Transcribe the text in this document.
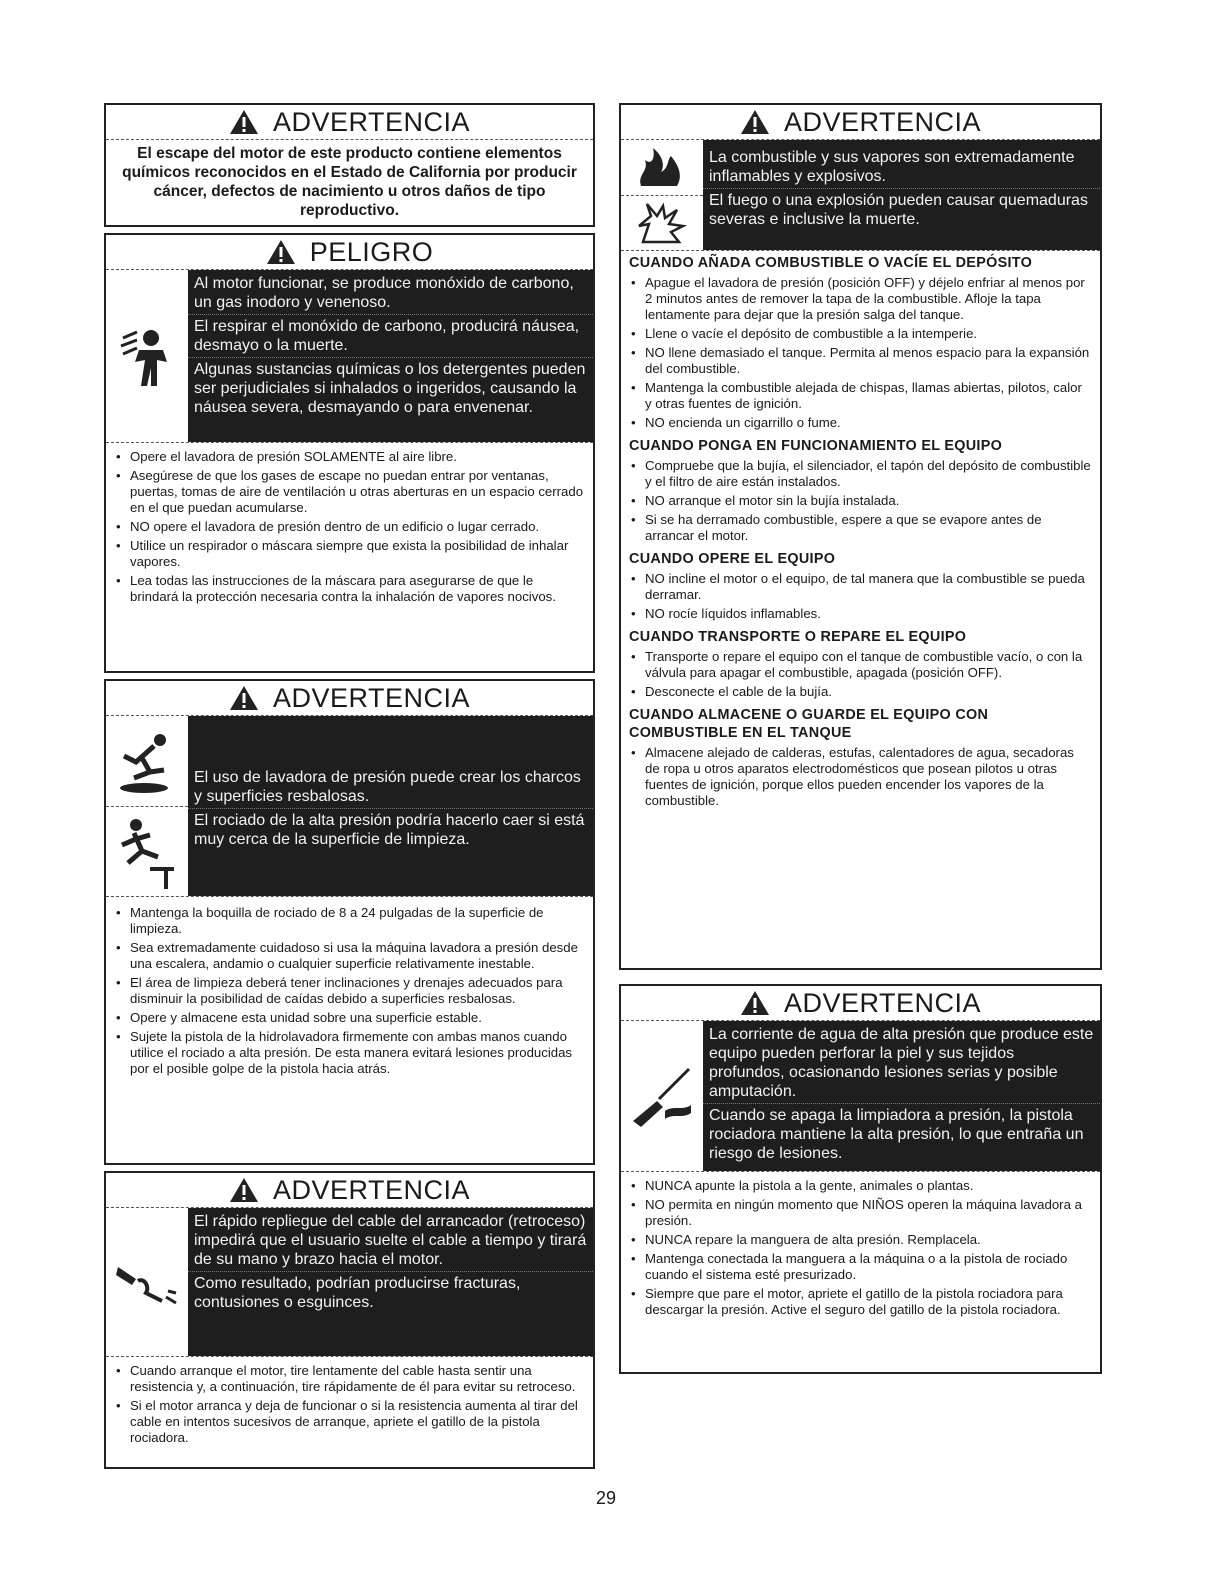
ADVERTENCIA
El escape del motor de este producto contiene elementos químicos reconocidos en el Estado de California por producir cáncer, defectos de nacimiento u otros daños de tipo reproductivo.
PELIGRO
Al motor funcionar, se produce monóxido de carbono, un gas inodoro y venenoso.
El respirar el monóxido de carbono, producirá náusea, desmayo o la muerte.
Algunas sustancias químicas o los detergentes pueden ser perjudiciales si inhalados o ingeridos, causando la náusea severa, desmayando o para envenenar.
• Opere el lavadora de presión SOLAMENTE al aire libre.
• Asegúrese de que los gases de escape no puedan entrar por ventanas, puertas, tomas de aire de ventilación u otras aberturas en un espacio cerrado en el que puedan acumularse.
• NO opere el lavadora de presión dentro de un edificio o lugar cerrado.
• Utilice un respirador o máscara siempre que exista la posibilidad de inhalar vapores.
• Lea todas las instrucciones de la máscara para asegurarse de que le brindará la protección necesaria contra la inhalación de vapores nocivos.
ADVERTENCIA
El uso de lavadora de presión puede crear los charcos y superficies resbalosas.
El rociado de la alta presión podría hacerlo caer si está muy cerca de la superficie de limpieza.
• Mantenga la boquilla de rociado de 8 a 24 pulgadas de la superficie de limpieza.
• Sea extremadamente cuidadoso si usa la máquina lavadora a presión desde una escalera, andamio o cualquier superficie relativamente inestable.
• El área de limpieza deberá tener inclinaciones y drenajes adecuados para disminuir la posibilidad de caídas debido a superficies resbalosas.
• Opere y almacene esta unidad sobre una superficie estable.
• Sujete la pistola de la hidrolavadora firmemente con ambas manos cuando utilice el rociado a alta presión. De esta manera evitará lesiones producidas por el posible golpe de la pistola hacia atrás.
ADVERTENCIA
El rápido repliegue del cable del arrancador (retroceso) impedirá que el usuario suelte el cable a tiempo y tirará de su mano y brazo hacia el motor.
Como resultado, podrían producirse fracturas, contusiones o esguinces.
• Cuando arranque el motor, tire lentamente del cable hasta sentir una resistencia y, a continuación, tire rápidamente de él para evitar su retroceso.
• Si el motor arranca y deja de funcionar o si la resistencia aumenta al tirar del cable en intentos sucesivos de arranque, apriete el gatillo de la pistola rociadora.
ADVERTENCIA
La combustible y sus vapores son extremadamente inflamables y explosivos.
El fuego o una explosión pueden causar quemaduras severas e inclusive la muerte.
CUANDO AÑADA COMBUSTIBLE O VACÍE EL DEPÓSITO
• Apague el lavadora de presión (posición OFF) y déjelo enfriar al menos por 2 minutos antes de remover la tapa de la combustible. Afloje la tapa lentamente para dejar que la presión salga del tanque.
• Llene o vacíe el depósito de combustible a la intemperie.
• NO llene demasiado el tanque. Permita al menos espacio para la expansión del combustible.
• Mantenga la combustible alejada de chispas, llamas abiertas, pilotos, calor y otras fuentes de ignición.
• NO encienda un cigarrillo o fume.
CUANDO PONGA EN FUNCIONAMIENTO EL EQUIPO
• Compruebe que la bujía, el silenciador, el tapón del depósito de combustible y el filtro de aire están instalados.
• NO arranque el motor sin la bujía instalada.
• Si se ha derramado combustible, espere a que se evapore antes de arrancar el motor.
CUANDO OPERE EL EQUIPO
• NO incline el motor o el equipo, de tal manera que la combustible se pueda derramar.
• NO rocíe líquidos inflamables.
CUANDO TRANSPORTE O REPARE EL EQUIPO
• Transporte o repare el equipo con el tanque de combustible vacío, o con la válvula para apagar el combustible, apagada (posición OFF).
• Desconecte el cable de la bujía.
CUANDO ALMACENE O GUARDE EL EQUIPO CON COMBUSTIBLE EN EL TANQUE
• Almacene alejado de calderas, estufas, calentadores de agua, secadoras de ropa u otros aparatos electrodomésticos que posean pilotos u otras fuentes de ignición, porque ellos pueden encender los vapores de la combustible.
ADVERTENCIA
La corriente de agua de alta presión que produce este equipo pueden perforar la piel y sus tejidos profundos, ocasionando lesiones serias y posible amputación.
Cuando se apaga la limpiadora a presión, la pistola rociadora mantiene la alta presión, lo que entraña un riesgo de lesiones.
• NUNCA apunte la pistola a la gente, animales o plantas.
• NO permita en ningún momento que NIÑOS operen la máquina lavadora a presión.
• NUNCA repare la manguera de alta presión. Remplacela.
• Mantenga conectada la manguera a la máquina o a la pistola de rociado cuando el sistema esté presurizado.
• Siempre que pare el motor, apriete el gatillo de la pistola rociadora para descargar la presión. Active el seguro del gatillo de la pistola rociadora.
29
